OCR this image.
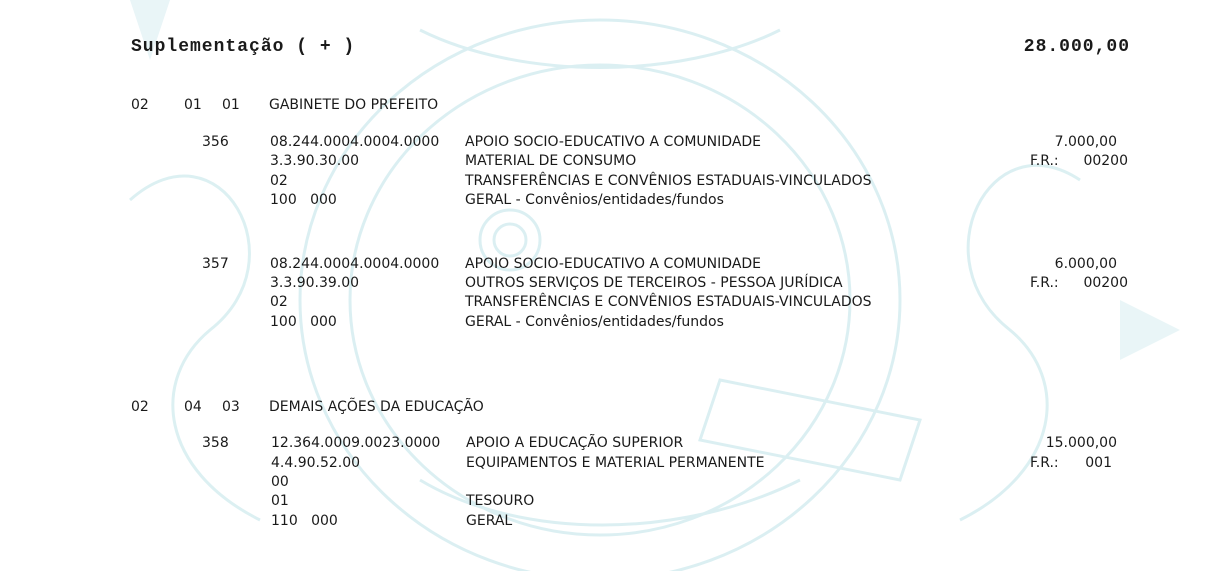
Suplementação ( + )	28.000,00
02	01 01 GABINETE DO PREFEITO
356	08.244.0004.0004.0000 APOIO SOCIO-EDUCATIVO A COMUNIDADE	7.000,00
3.3.90.30.00	MATERIAL DE CONSUMO	F.R.: 00200
02	TRANSFERÊNCIAS E CONVÊNIOS ESTADUAIS-VINCULADOS
100   000	GERAL - Convênios/entidades/fundos
357	08.244.0004.0004.0000 APOIO SOCIO-EDUCATIVO A COMUNIDADE	6.000,00
3.3.90.39.00	OUTROS SERVIÇOS DE TERCEIROS - PESSOA JURÍDICA	F.R.: 00200
02	TRANSFERÊNCIAS E CONVÊNIOS ESTADUAIS-VINCULADOS
100   000	GERAL - Convênios/entidades/fundos
02	04 03 DEMAIS AÇÕES DA EDUCAÇÃO
358	12.364.0009.0023.0000 APOIO A EDUCAÇÃO SUPERIOR	15.000,00
4.4.90.52.00	EQUIPAMENTOS E MATERIAL PERMANENTE	F.R.: 001
00
01	TESOURO
110   000	GERAL
